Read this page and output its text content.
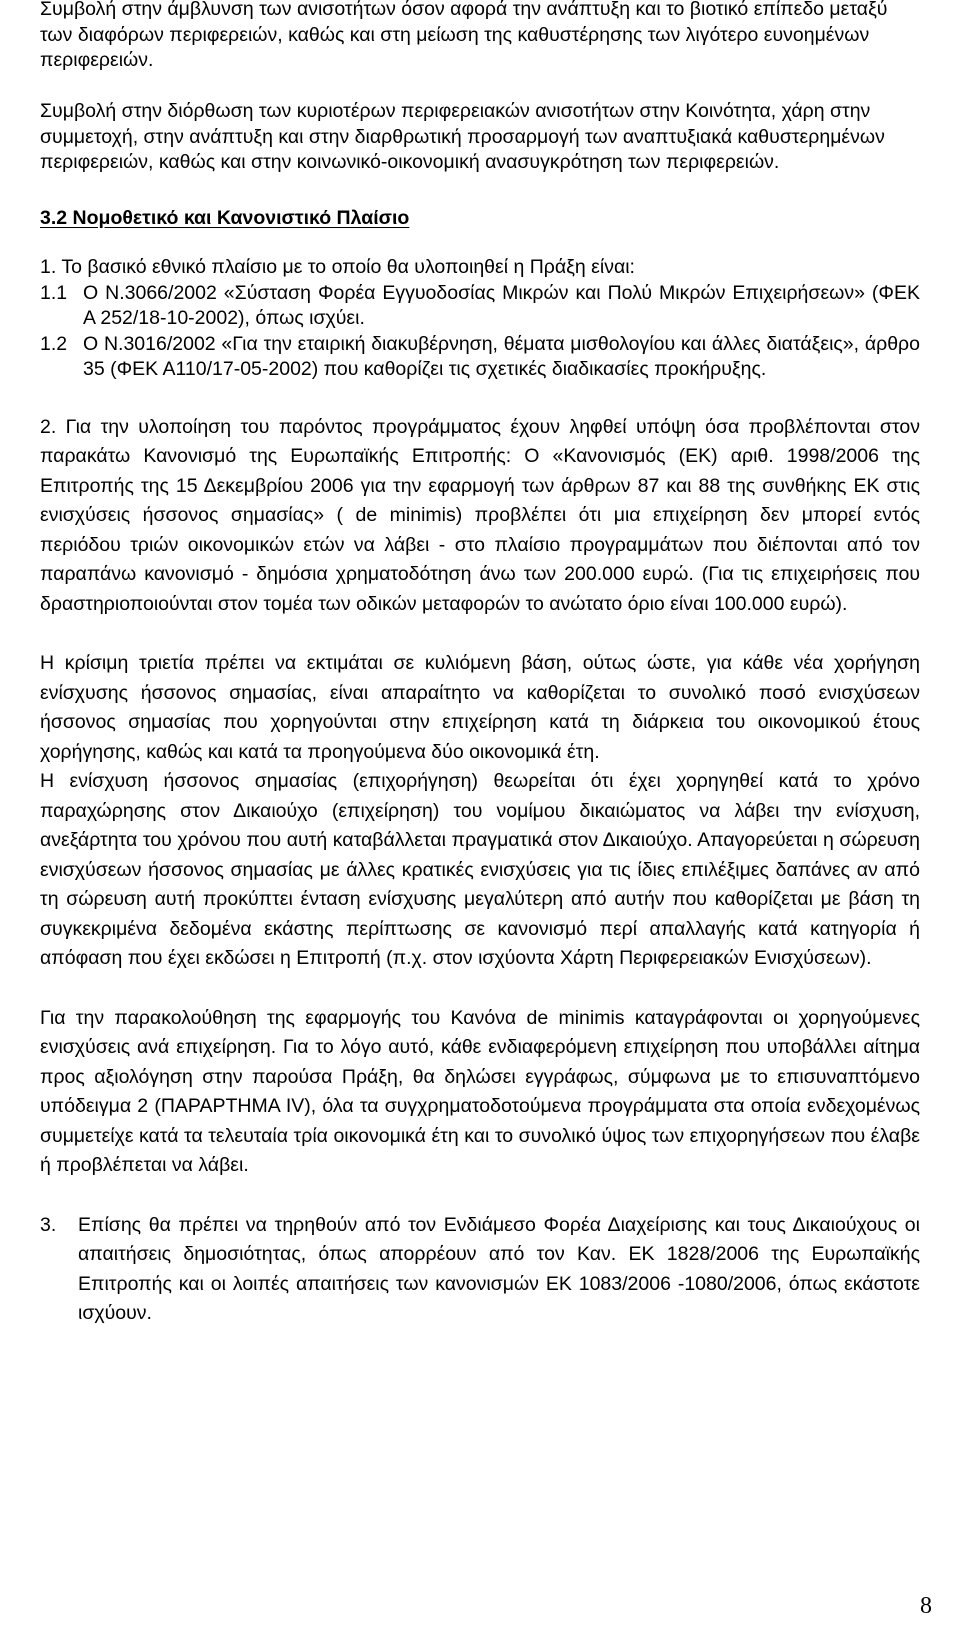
Συμβολή στην άμβλυνση των ανισοτήτων όσον αφορά την ανάπτυξη και το βιοτικό επίπεδο μεταξύ των διαφόρων περιφερειών, καθώς και στη μείωση της καθυστέρησης των λιγότερο ευνοημένων περιφερειών.

Συμβολή στην διόρθωση των κυριοτέρων περιφερειακών ανισοτήτων στην Κοινότητα, χάρη στην συμμετοχή, στην ανάπτυξη και στην διαρθρωτική προσαρμογή των αναπτυξιακά καθυστερημένων περιφερειών, καθώς και στην κοινωνικό-οικονομική ανασυγκρότηση των περιφερειών.

3.2 Νομοθετικό και Κανονιστικό Πλαίσιο

1. Το βασικό εθνικό πλαίσιο με το οποίο θα υλοποιηθεί η Πράξη είναι:

1.1 Ο Ν.3066/2002 «Σύσταση Φορέα Εγγυοδοσίας Μικρών και Πολύ Μικρών Επιχειρήσεων» (ΦΕΚ Α 252/18-10-2002), όπως ισχύει.
1.2 Ο Ν.3016/2002 «Για την εταιρική διακυβέρνηση, θέματα μισθολογίου και άλλες διατάξεις», άρθρο 35 (ΦΕΚ Α110/17-05-2002) που καθορίζει τις σχετικές διαδικασίες προκήρυξης.

2. Για την υλοποίηση του παρόντος προγράμματος έχουν ληφθεί υπόψη όσα προβλέπονται στον παρακάτω Κανονισμό της Ευρωπαϊκής Επιτροπής: Ο «Κανονισμός (ΕΚ) αριθ. 1998/2006 της Επιτροπής της 15 Δεκεμβρίου 2006 για την εφαρμογή των άρθρων 87 και 88 της συνθήκης ΕΚ στις ενισχύσεις ήσσονος σημασίας» ( de minimis) προβλέπει ότι μια επιχείρηση δεν μπορεί εντός περιόδου τριών οικονομικών ετών να λάβει - στο πλαίσιο προγραμμάτων που διέπονται από τον παραπάνω κανονισμό - δημόσια χρηματοδότηση άνω των 200.000 ευρώ. (Για τις επιχειρήσεις που δραστηριοποιούνται στον τομέα των οδικών μεταφορών το ανώτατο όριο είναι 100.000 ευρώ).

Η κρίσιμη τριετία πρέπει να εκτιμάται σε κυλιόμενη βάση, ούτως ώστε, για κάθε νέα χορήγηση ενίσχυσης ήσσονος σημασίας, είναι απαραίτητο να καθορίζεται το συνολικό ποσό ενισχύσεων ήσσονος σημασίας που χορηγούνται στην επιχείρηση κατά τη διάρκεια του οικονομικού έτους χορήγησης, καθώς και κατά τα προηγούμενα δύο οικονομικά έτη.

Η ενίσχυση ήσσονος σημασίας (επιχορήγηση) θεωρείται ότι έχει χορηγηθεί κατά το χρόνο παραχώρησης στον Δικαιούχο (επιχείρηση) του νομίμου δικαιώματος να λάβει την ενίσχυση, ανεξάρτητα του χρόνου που αυτή καταβάλλεται πραγματικά στον Δικαιούχο. Απαγορεύεται η σώρευση ενισχύσεων ήσσονος σημασίας με άλλες κρατικές ενισχύσεις για τις ίδιες επιλέξιμες δαπάνες αν από τη σώρευση αυτή προκύπτει ένταση ενίσχυσης μεγαλύτερη από αυτήν που καθορίζεται με βάση τη συγκεκριμένα δεδομένα εκάστης περίπτωσης σε κανονισμό περί απαλλαγής κατά κατηγορία ή απόφαση που έχει εκδώσει η Επιτροπή (π.χ. στον ισχύοντα Χάρτη Περιφερειακών Ενισχύσεων).

Για την παρακολούθηση της εφαρμογής του Κανόνα de minimis καταγράφονται οι χορηγούμενες ενισχύσεις ανά επιχείρηση. Για το λόγο αυτό, κάθε ενδιαφερόμενη επιχείρηση που υποβάλλει αίτημα προς αξιολόγηση στην παρούσα Πράξη, θα δηλώσει εγγράφως, σύμφωνα με το επισυναπτόμενο υπόδειγμα 2 (ΠΑΡΑΡΤΗΜΑ IV), όλα τα συγχρηματοδοτούμενα προγράμματα στα οποία ενδεχομένως συμμετείχε κατά τα τελευταία τρία οικονομικά έτη και το συνολικό ύψος των επιχορηγήσεων που έλαβε ή προβλέπεται να λάβει.

3.	Επίσης θα πρέπει να τηρηθούν από τον Ενδιάμεσο Φορέα Διαχείρισης και τους Δικαιούχους οι απαιτήσεις δημοσιότητας, όπως απορρέουν από τον Καν. ΕΚ 1828/2006 της Ευρωπαϊκής Επιτροπής και οι λοιπές απαιτήσεις των κανονισμών ΕΚ 1083/2006 -1080/2006, όπως εκάστοτε ισχύουν.
8
